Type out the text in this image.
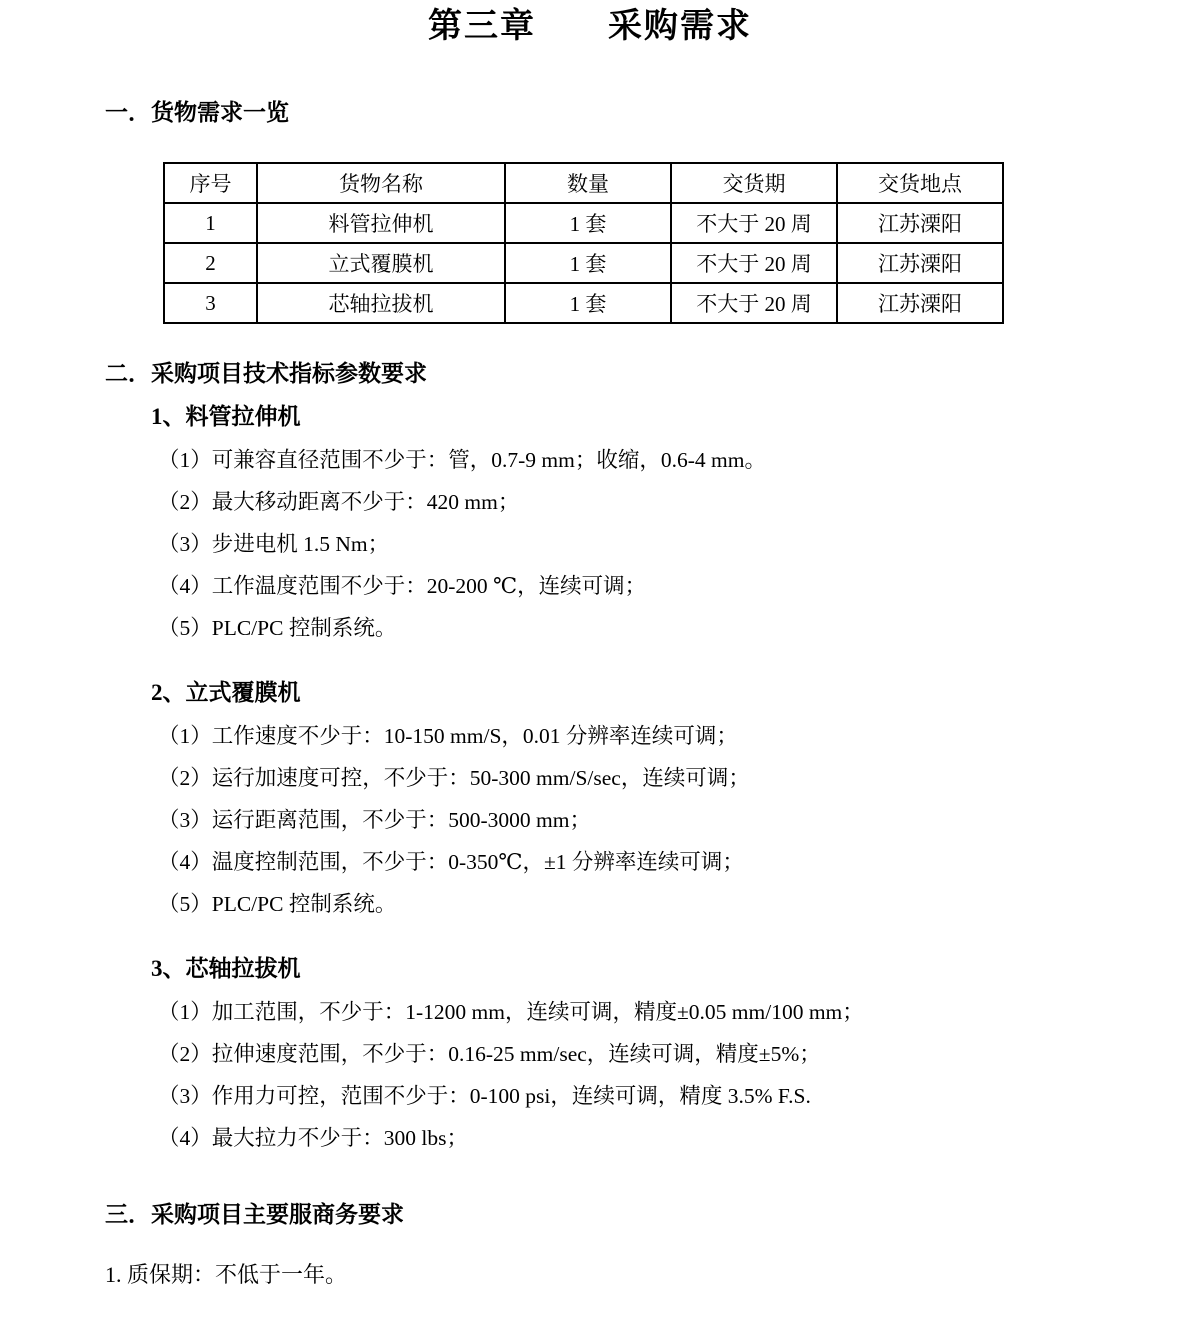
第三章　　采购需求
一．货物需求一览
序号	货物名称	数量	交货期	交货地点
1	料管拉伸机	1 套	不大于 20 周	江苏溧阳
2	立式覆膜机	1 套	不大于 20 周	江苏溧阳
3	芯轴拉拔机	1 套	不大于 20 周	江苏溧阳
二．采购项目技术指标参数要求
1、料管拉伸机
（1）可兼容直径范围不少于：管，0.7-9 mm；收缩，0.6-4 mm。
（2）最大移动距离不少于：420 mm；
（3）步进电机 1.5 Nm；
（4）工作温度范围不少于：20-200 ℃，连续可调；
（5）PLC/PC 控制系统。
2、立式覆膜机
（1）工作速度不少于：10-150 mm/S，0.01 分辨率连续可调；
（2）运行加速度可控，不少于：50-300 mm/S/sec，连续可调；
（3）运行距离范围，不少于：500-3000 mm；
（4）温度控制范围，不少于：0-350℃，±1 分辨率连续可调；
（5）PLC/PC 控制系统。
3、芯轴拉拔机
（1）加工范围，不少于：1-1200 mm，连续可调，精度±0.05 mm/100 mm；
（2）拉伸速度范围，不少于：0.16-25 mm/sec，连续可调，精度±5%；
（3）作用力可控，范围不少于：0-100 psi，连续可调，精度 3.5% F.S.
（4）最大拉力不少于：300 lbs；
三．采购项目主要服商务要求
1. 质保期：不低于一年。
